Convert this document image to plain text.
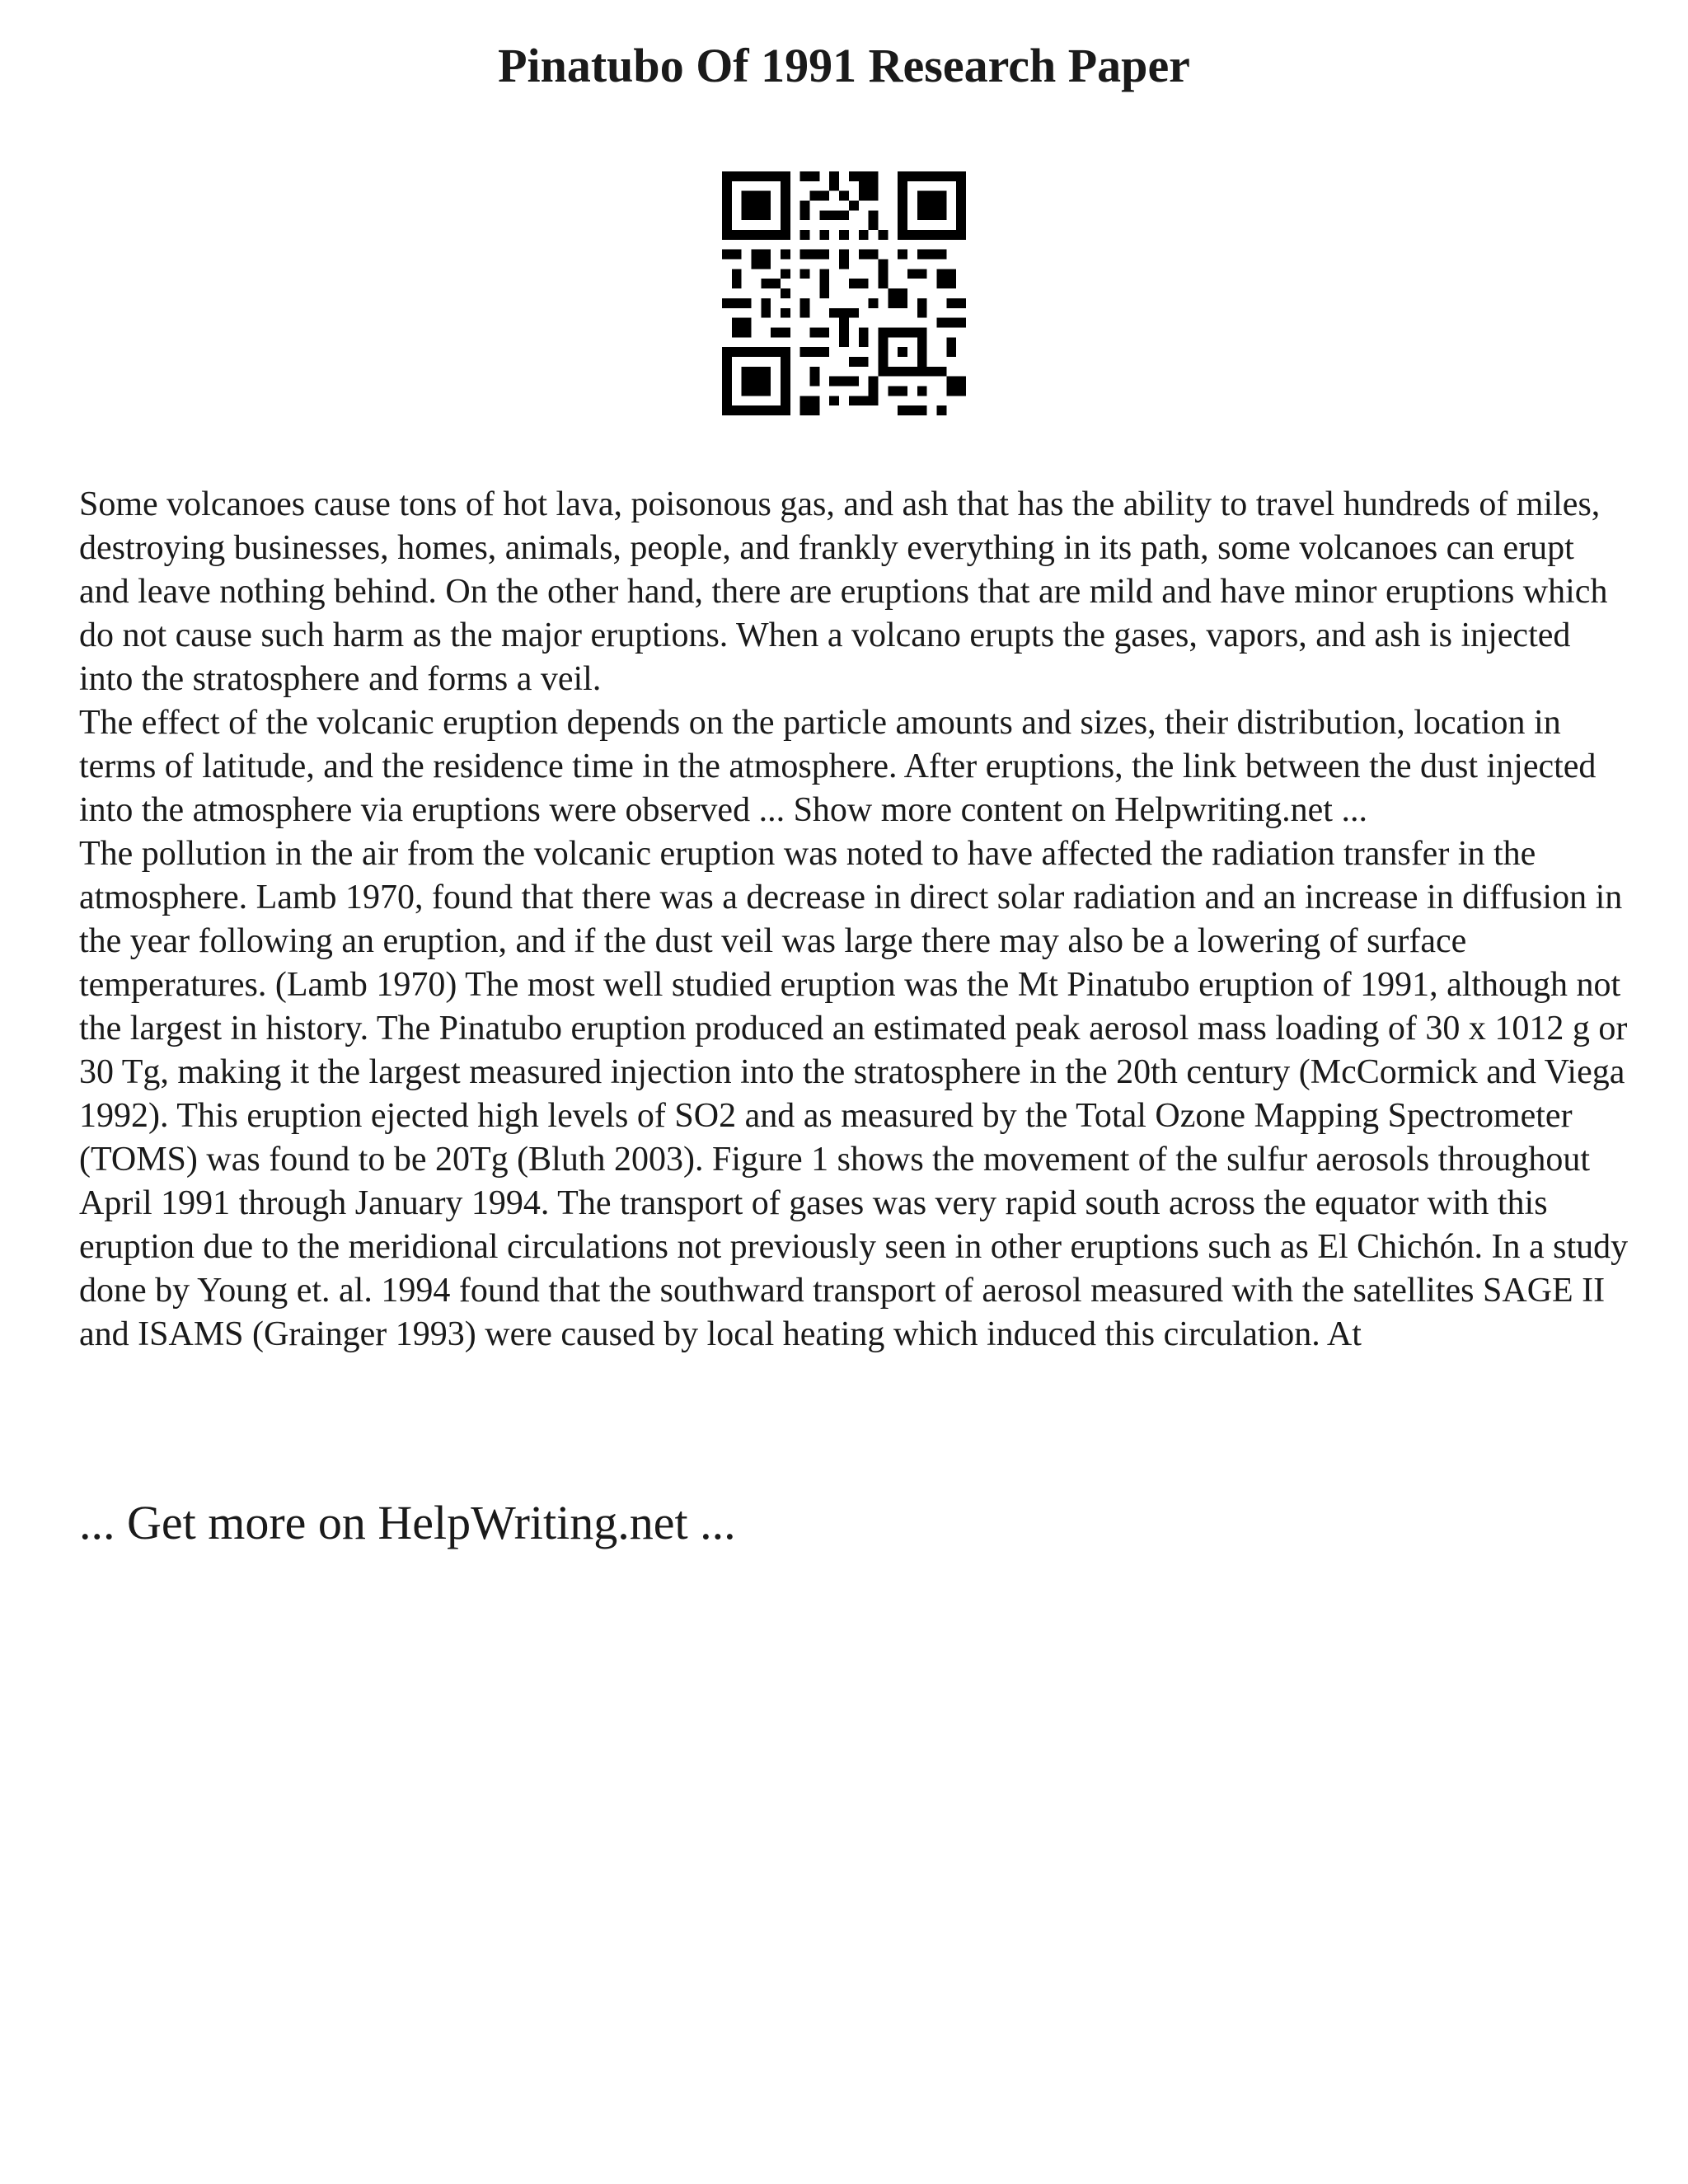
Pinatubo Of 1991 Research Paper

Some volcanoes cause tons of hot lava, poisonous gas, and ash that has the ability to travel hundreds of miles, destroying businesses, homes, animals, people, and frankly everything in its path, some volcanoes can erupt and leave nothing behind. On the other hand, there are eruptions that are mild and have minor eruptions which do not cause such harm as the major eruptions. When a volcano erupts the gases, vapors, and ash is injected into the stratosphere and forms a veil.

The effect of the volcanic eruption depends on the particle amounts and sizes, their distribution, location in terms of latitude, and the residence time in the atmosphere. After eruptions, the link between the dust injected into the atmosphere via eruptions were observed ... Show more content on Helpwriting.net ...

The pollution in the air from the volcanic eruption was noted to have affected the radiation transfer in the atmosphere. Lamb 1970, found that there was a decrease in direct solar radiation and an increase in diffusion in the year following an eruption, and if the dust veil was large there may also be a lowering of surface temperatures. (Lamb 1970) The most well studied eruption was the Mt Pinatubo eruption of 1991, although not the largest in history. The Pinatubo eruption produced an estimated peak aerosol mass loading of 30 x 1012 g or 30 Tg, making it the largest measured injection into the stratosphere in the 20th century (McCormick and Viega 1992). This eruption ejected high levels of SO2 and as measured by the Total Ozone Mapping Spectrometer (TOMS) was found to be 20Tg (Bluth 2003). Figure 1 shows the movement of the sulfur aerosols throughout April 1991 through January 1994. The transport of gases was very rapid south across the equator with this eruption due to the meridional circulations not previously seen in other eruptions such as El Chichón. In a study done by Young et. al. 1994 found that the southward transport of aerosol measured with the satellites SAGE II and ISAMS (Grainger 1993) were caused by local heating which induced this circulation. At

... Get more on HelpWriting.net ...
